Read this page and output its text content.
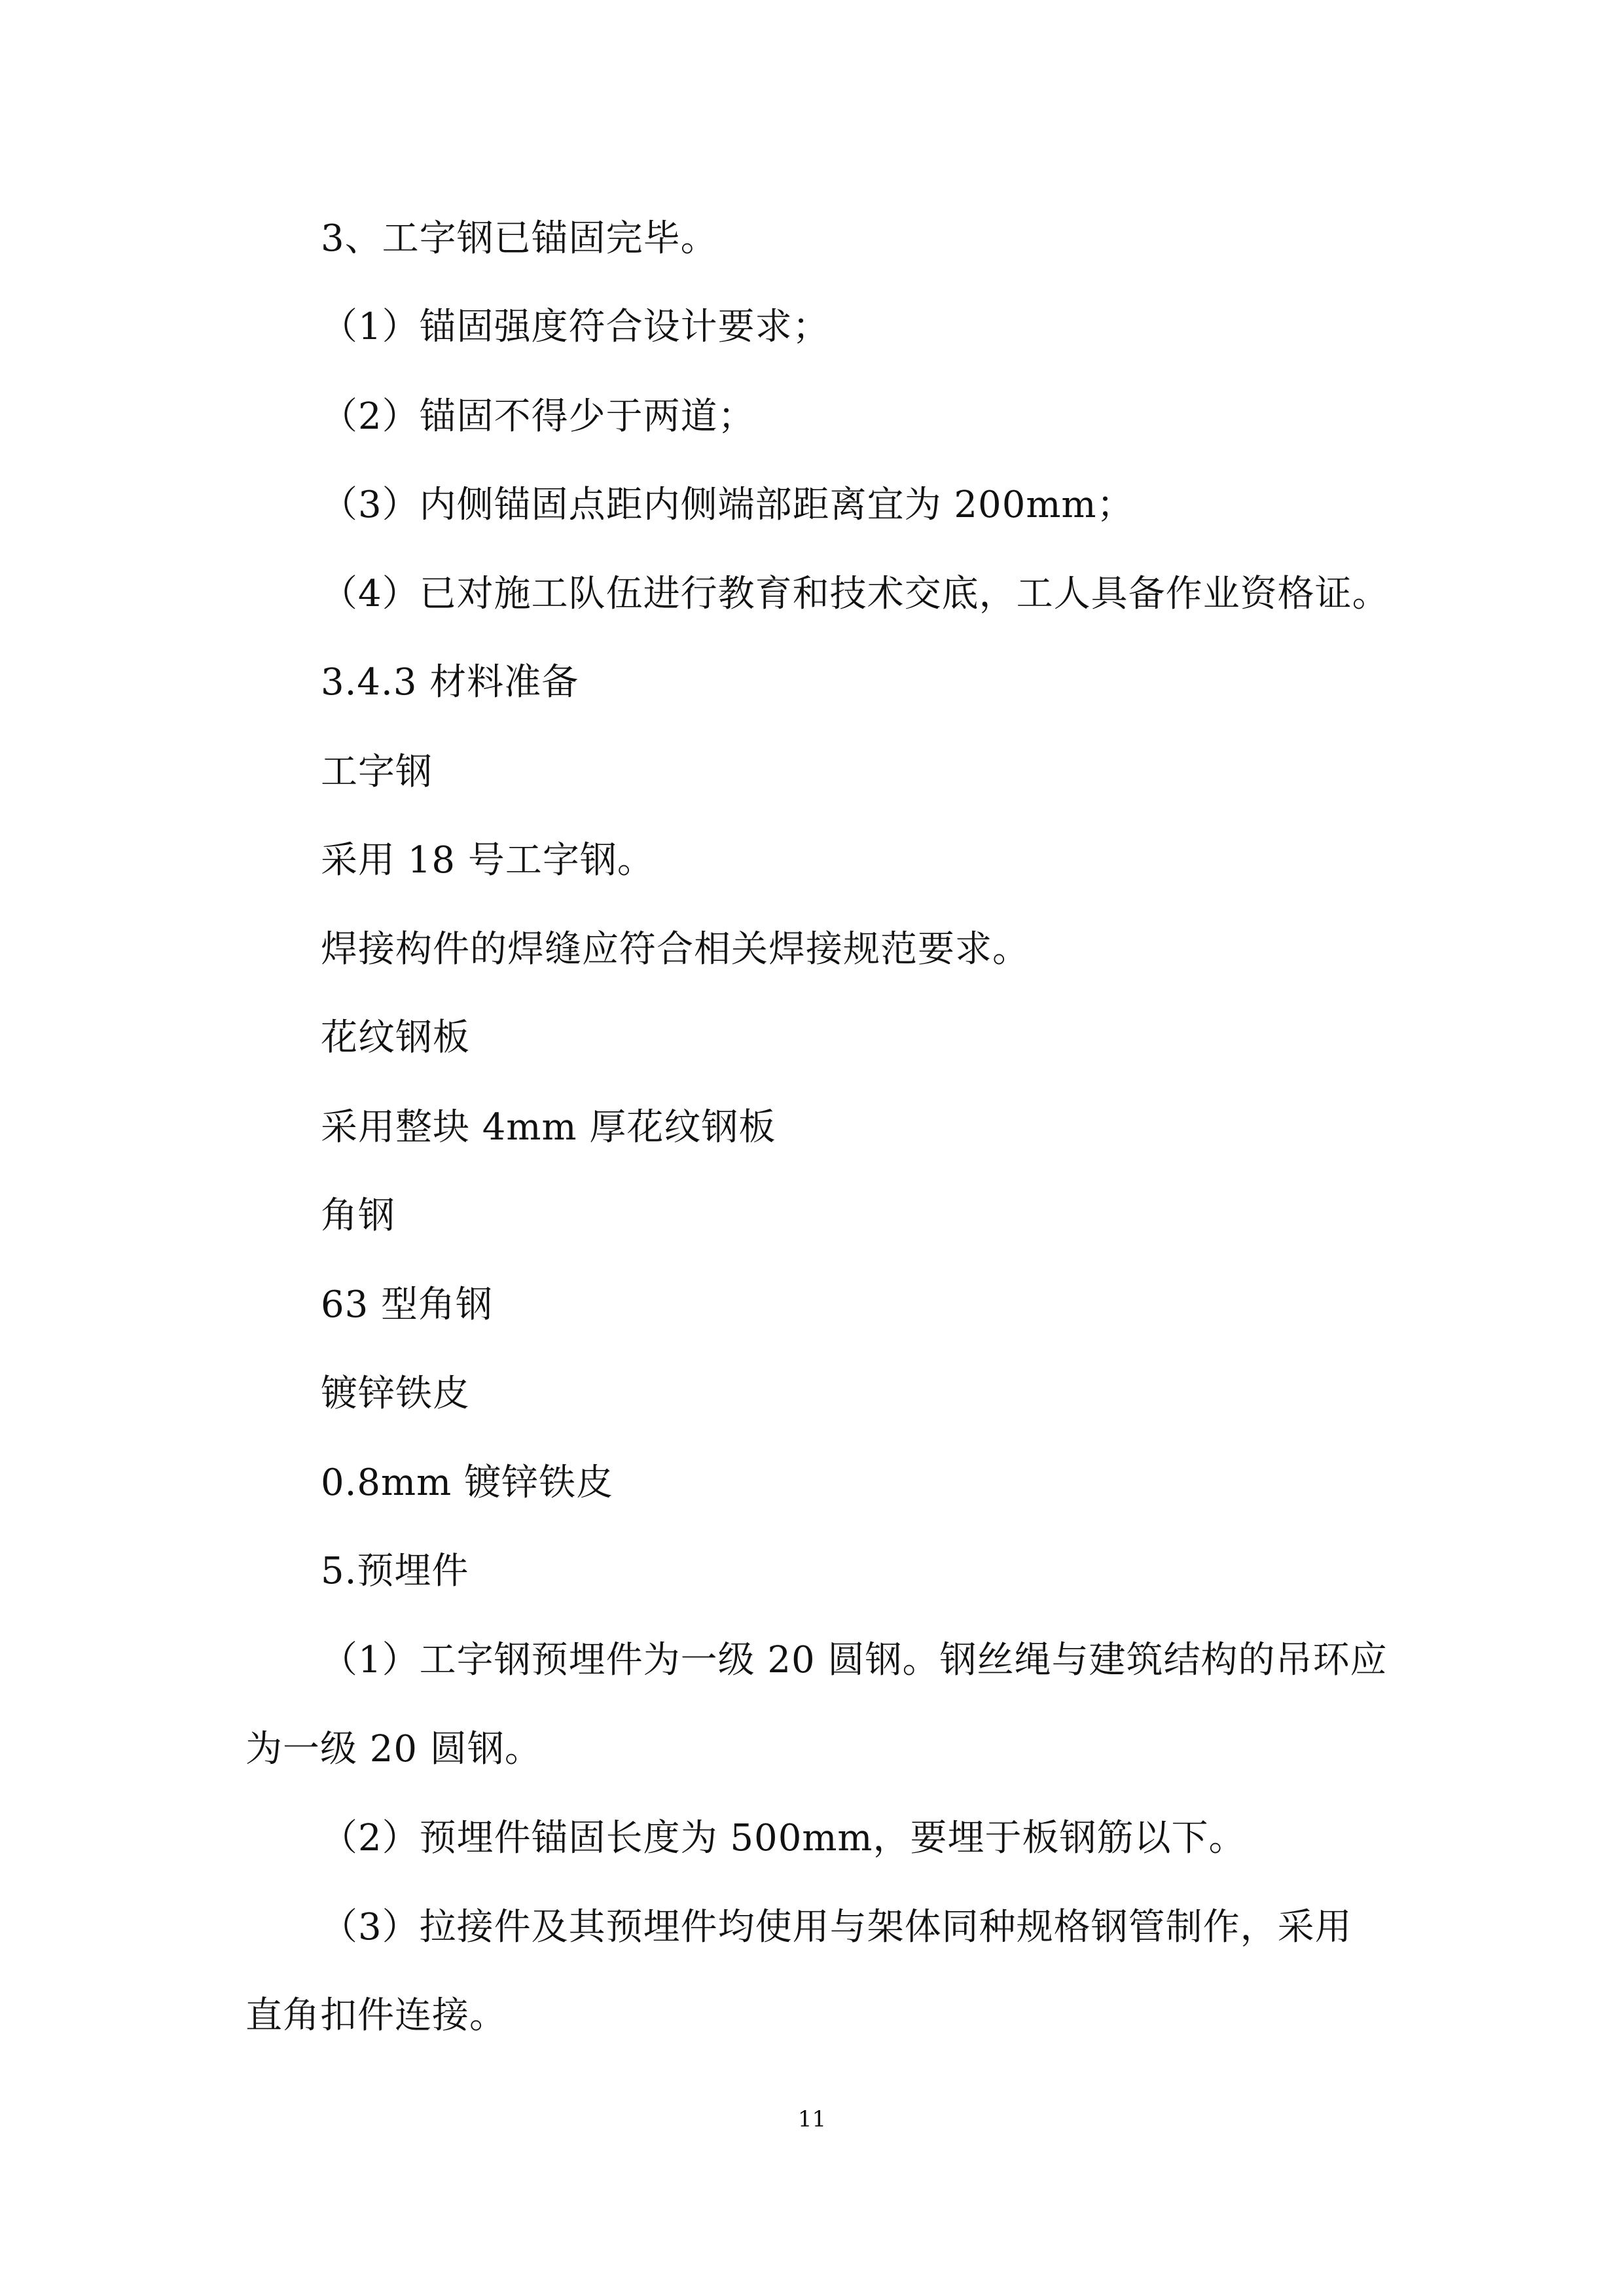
3、工字钢已锚固完毕。
（1）锚固强度符合设计要求；
（2）锚固不得少于两道；
（3）内侧锚固点距内侧端部距离宜为 200mm；
（4）已对施工队伍进行教育和技术交底，工人具备作业资格证。
3.4.3 材料准备
工字钢
采用 18 号工字钢。
焊接构件的焊缝应符合相关焊接规范要求。
花纹钢板
采用整块 4mm 厚花纹钢板
角钢
63 型角钢
镀锌铁皮
0.8mm 镀锌铁皮
5.预埋件
（1）工字钢预埋件为一级 20 圆钢。钢丝绳与建筑结构的吊环应
为一级 20 圆钢。
（2）预埋件锚固长度为 500mm，要埋于板钢筋以下。
（3）拉接件及其预埋件均使用与架体同种规格钢管制作，采用
直角扣件连接。
11
